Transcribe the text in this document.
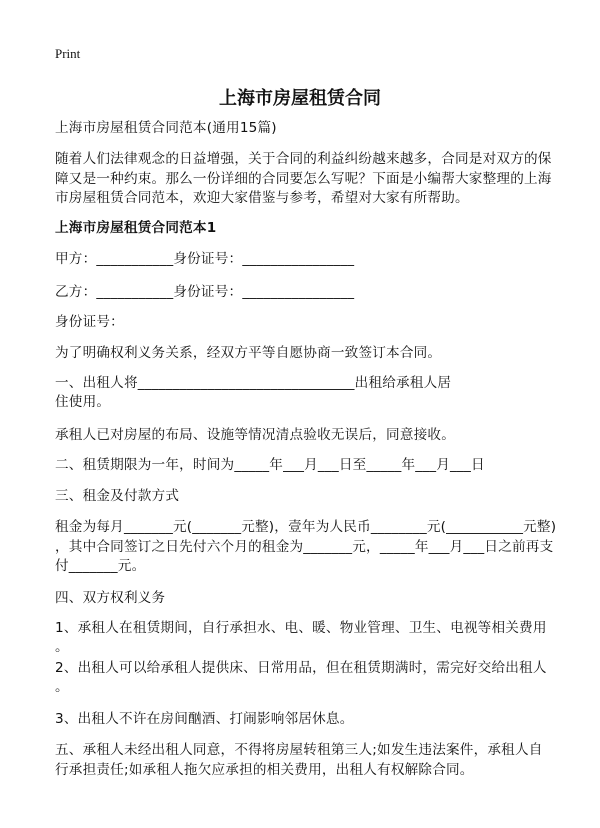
Print
上海市房屋租赁合同
上海市房屋租赁合同范本(通用15篇)
随着人们法律观念的日益增强，关于合同的利益纠纷越来越多，合同是对双方的保
障又是一种约束。那么一份详细的合同要怎么写呢？下面是小编帮大家整理的上海
市房屋租赁合同范本，欢迎大家借鉴与参考，希望对大家有所帮助。
上海市房屋租赁合同范本1
甲方：___________身份证号：________________
乙方：___________身份证号：________________
身份证号：
为了明确权利义务关系，经双方平等自愿协商一致签订本合同。
一、出租人将_______________________________出租给承租人居
住使用。
承租人已对房屋的布局、设施等情况清点验收无误后，同意接收。
二、租赁期限为一年，时间为_____年___月___日至_____年___月___日
三、租金及付款方式
租金为每月_______元(_______元整)，壹年为人民币________元(___________元整)
，其中合同签订之日先付六个月的租金为_______元，_____年___月___日之前再支
付_______元。
四、双方权利义务
1、承租人在租赁期间，自行承担水、电、暖、物业管理、卫生、电视等相关费用
。
2、出租人可以给承租人提供床、日常用品，但在租赁期满时，需完好交给出租人
。
3、出租人不许在房间酗酒、打闹影响邻居休息。
五、承租人未经出租人同意，不得将房屋转租第三人;如发生违法案件，承租人自
行承担责任;如承租人拖欠应承担的相关费用，出租人有权解除合同。
